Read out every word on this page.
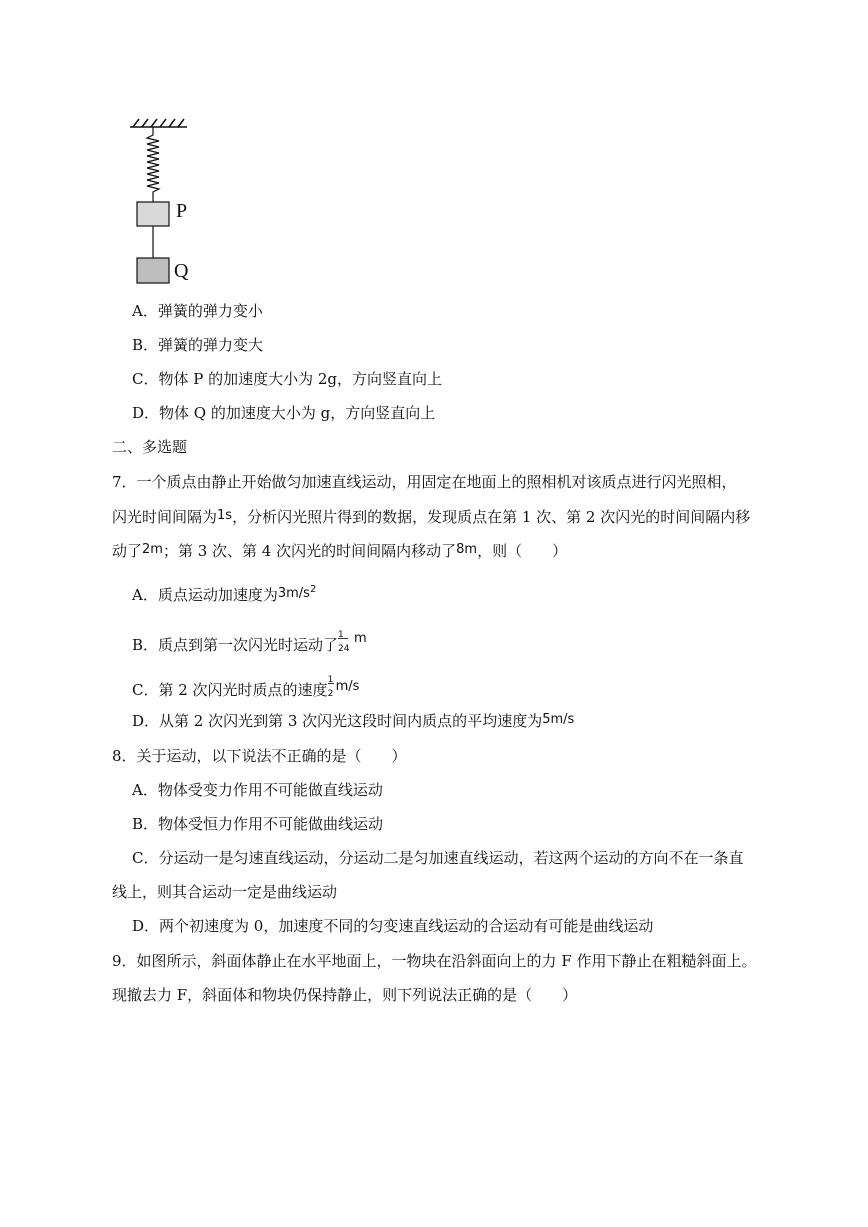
P
Q
A．弹簧的弹力变小
B．弹簧的弹力变大
C．物体 P 的加速度大小为 2g，方向竖直向上
D．物体 Q 的加速度大小为 g，方向竖直向上
二、多选题
7．一个质点由静止开始做匀加速直线运动，用固定在地面上的照相机对该质点进行闪光照相，
闪光时间间隔为1s，分析闪光照片得到的数据，发现质点在第 1 次、第 2 次闪光的时间间隔内移
动了2m；第 3 次、第 4 次闪光的时间间隔内移动了8m，则（　　）
A．质点运动加速度为$3m/s^2$
B．质点到第一次闪光时运动了
1
24
m
C．第 2 次闪光时质点的速度
1
2 m/s
D．从第 2 次闪光到第 3 次闪光这段时间内质点的平均速度为5m/s
8．关于运动，以下说法不正确的是（　　）
A．物体受变力作用不可能做直线运动
B．物体受恒力作用不可能做曲线运动
C．分运动一是匀速直线运动，分运动二是匀加速直线运动，若这两个运动的方向不在一条直
线上，则其合运动一定是曲线运动
D．两个初速度为 0，加速度不同的匀变速直线运动的合运动有可能是曲线运动
9．如图所示，斜面体静止在水平地面上，一物块在沿斜面向上的力 F 作用下静止在粗糙斜面上。
现撤去力 F，斜面体和物块仍保持静止，则下列说法正确的是（　　）
